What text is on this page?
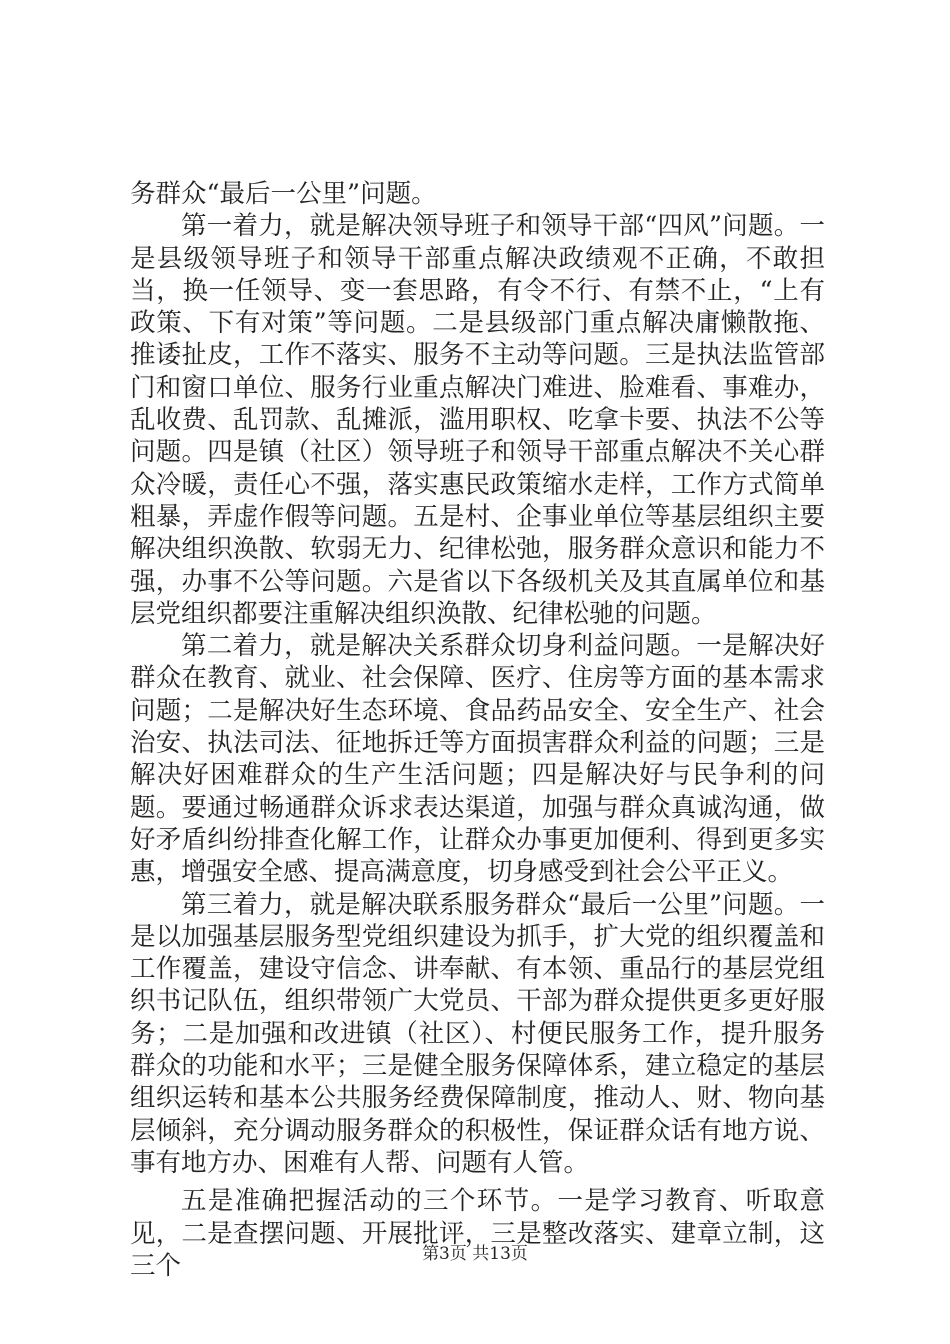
务群众“最后一公里”问题。

第一着力，就是解决领导班子和领导干部“四风”问题。一是县级领导班子和领导干部重点解决政绩观不正确，不敢担当，换一任领导、变一套思路，有令不行、有禁不止，“上有政策、下有对策”等问题。二是县级部门重点解决庸懒散拖、推诿扯皮，工作不落实、服务不主动等问题。三是执法监管部门和窗口单位、服务行业重点解决门难进、脸难看、事难办，乱收费、乱罚款、乱摊派，滥用职权、吃拿卡要、执法不公等问题。四是镇（社区）领导班子和领导干部重点解决不关心群众冷暖，责任心不强，落实惠民政策缩水走样，工作方式简单粗暴，弄虚作假等问题。五是村、企事业单位等基层组织主要解决组织涣散、软弱无力、纪律松弛，服务群众意识和能力不强，办事不公等问题。六是省以下各级机关及其直属单位和基层党组织都要注重解决组织涣散、纪律松驰的问题。

第二着力，就是解决关系群众切身利益问题。一是解决好群众在教育、就业、社会保障、医疗、住房等方面的基本需求问题；二是解决好生态环境、食品药品安全、安全生产、社会治安、执法司法、征地拆迁等方面损害群众利益的问题；三是解决好困难群众的生产生活问题；四是解决好与民争利的问题。要通过畅通群众诉求表达渠道，加强与群众真诚沟通，做好矛盾纠纷排查化解工作，让群众办事更加便利、得到更多实惠，增强安全感、提高满意度，切身感受到社会公平正义。

第三着力，就是解决联系服务群众“最后一公里”问题。一是以加强基层服务型党组织建设为抓手，扩大党的组织覆盖和工作覆盖，建设守信念、讲奉献、有本领、重品行的基层党组织书记队伍，组织带领广大党员、干部为群众提供更多更好服务；二是加强和改进镇（社区）、村便民服务工作，提升服务群众的功能和水平；三是健全服务保障体系，建立稳定的基层组织运转和基本公共服务经费保障制度，推动人、财、物向基层倾斜，充分调动服务群众的积极性，保证群众话有地方说、事有地方办、困难有人帮、问题有人管。

五是准确把握活动的三个环节。一是学习教育、听取意见，二是查摆问题、开展批评，三是整改落实、建章立制，这三个	第3页 共13页
